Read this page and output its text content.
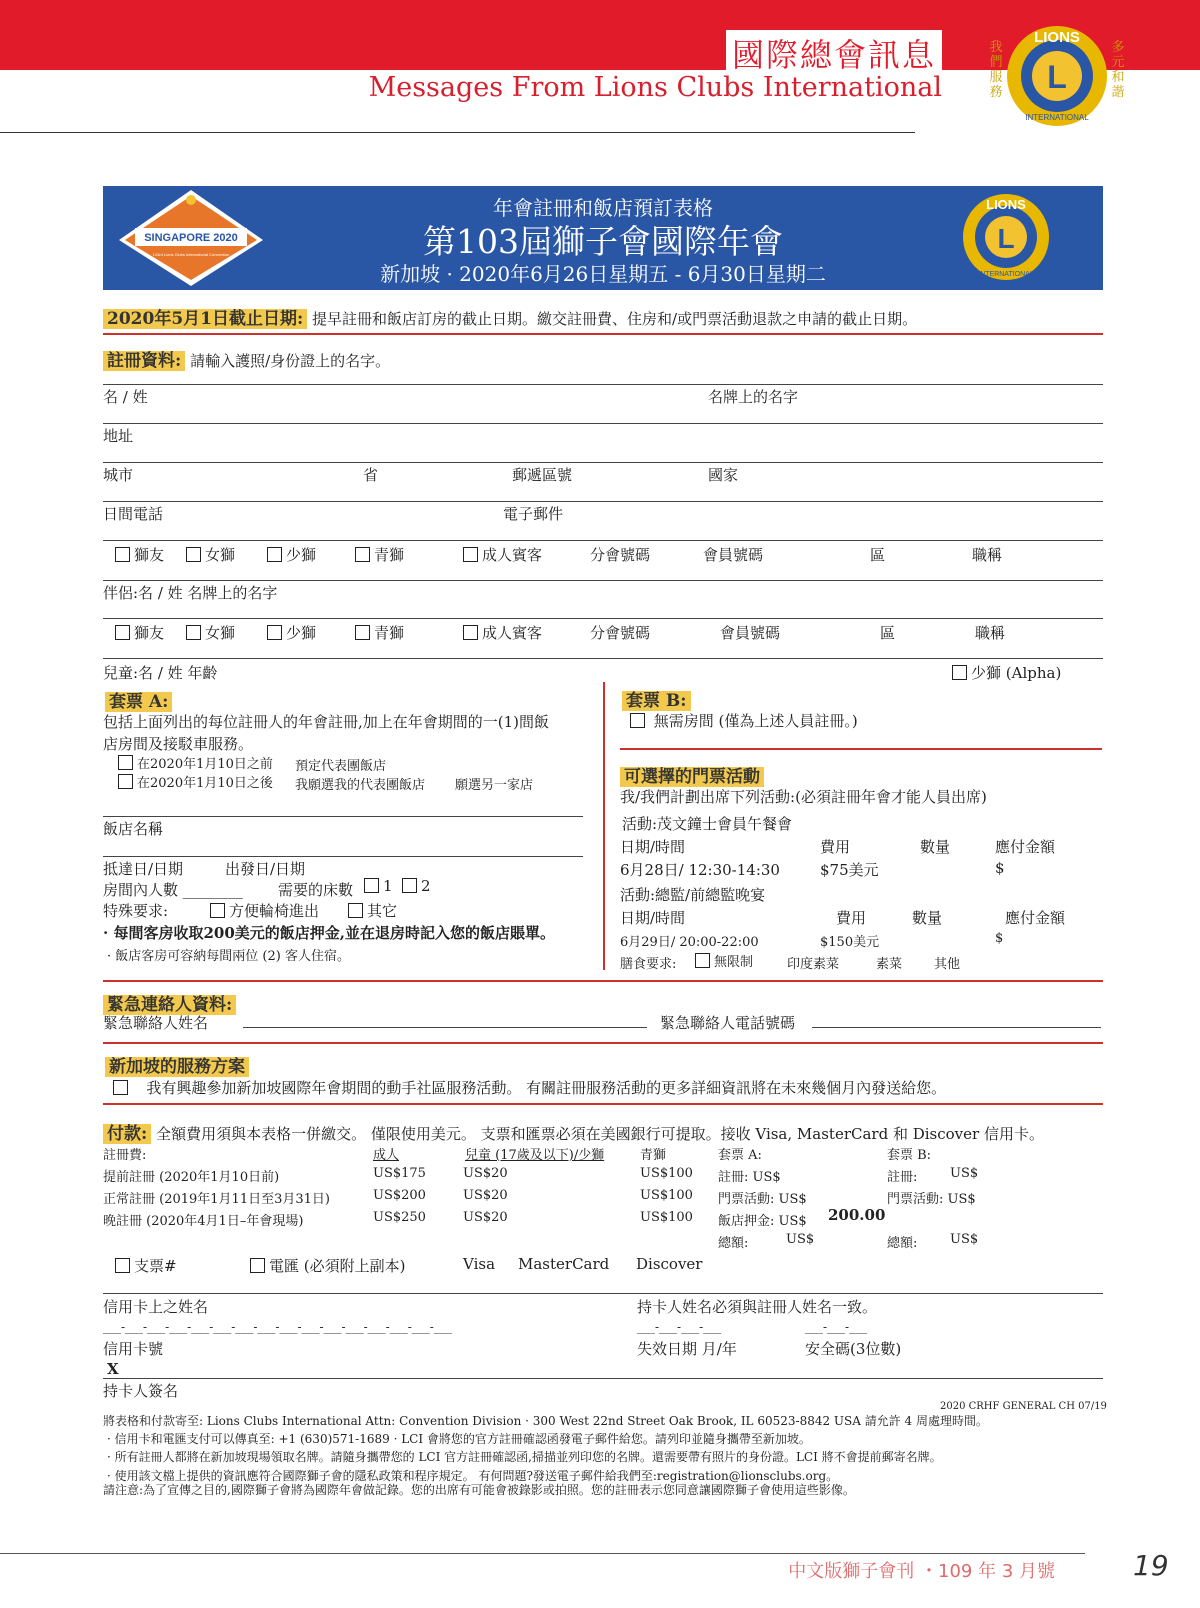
國際總會訊息
Messages From Lions Clubs International
我們服務
多元和諧
L
LIONS
INTERNATIONAL
SINGAPORE 2020
103rd Lions Clubs International Convention
年會註冊和飯店預訂表格
第103屆獅子會國際年會
新加坡 · 2020年6月26日星期五 - 6月30日星期二
L
LIONS
INTERNATIONAL
2020年5月1日截止日期: 提早註冊和飯店訂房的截止日期。繳交註冊費、住房和/或門票活動退款之申請的截止日期。
註冊資料: 請輸入護照/身份證上的名字。
名 / 姓	名牌上的名字
地址
城市	省	郵遞區號	國家
日間電話	電子郵件
獅友	女獅	少獅	青獅	成人賓客	分會號碼	會員號碼	區	職稱
伴侶:名 / 姓 名牌上的名字
獅友	女獅	少獅	青獅	成人賓客	分會號碼	會員號碼	區	職稱
兒童:名 / 姓 年齡	少獅 (Alpha)
套票 A:
包括上面列出的每位註冊人的年會註冊,加上在年會期間的一(1)間飯
店房間及接駁車服務。
在2020年1月10日之前 預定代表團飯店
在2020年1月10日之後 我願選我的代表團飯店 願選另一家店
飯店名稱
抵達日/日期	出發日/日期
房間內人數 ________ 需要的床數	1	2
特殊要求:	方便輪椅進出	其它
· 每間客房收取200美元的飯店押金,並在退房時記入您的飯店賬單。
· 飯店客房可容納每間兩位 (2) 客人住宿。
套票 B:
無需房間 (僅為上述人員註冊。)
可選擇的門票活動
我/我們計劃出席下列活動:(必須註冊年會才能人員出席)
活動:茂文鐘士會員午餐會
日期/時間	費用	數量	應付金額
6月28日/ 12:30-14:30	$75美元	$
活動:總監/前總監晚宴
日期/時間	費用	數量	應付金額
6月29日/ 20:00-22:00	$150美元	$
膳食要求:	無限制	印度素菜	素菜 其他
緊急連絡人資料:
緊急聯絡人姓名	緊急聯絡人電話號碼
新加坡的服務方案
我有興趣參加新加坡國際年會期間的動手社區服務活動。 有關註冊服務活動的更多詳細資訊將在未來幾個月內發送給您。
付款: 全額費用須與本表格一併繳交。 僅限使用美元。 支票和匯票必須在美國銀行可提取。接收 Visa, MasterCard 和 Discover 信用卡。
註冊費:	成人	兒童 (17歲及以下)/少獅	青獅
提前註冊 (2020年1月10日前)	US$175	US$20	US$100
正常註冊 (2019年1月11日至3月31日)	US$200	US$20	US$100
晚註冊 (2020年4月1日–年會現場)	US$250	US$20	US$100
套票 A:
註冊: US$
門票活動: US$
飯店押金: US$ 200.00
總額:	US$
套票 B:
註冊:	US$
門票活動: US$
總額:	US$
支票#	電匯 (必須附上副本)	Visa MasterCard Discover
信用卡上之姓名	持卡人姓名必須與註冊人姓名一致。
___-___-___-___-___-___-___-___-___-___-___-___-___-___-___-___	___-___-___-___	___-___-___
信用卡號	失效日期 月/年	安全碼(3位數)
X
持卡人簽名
2020 CRHF GENERAL CH 07/19
將表格和付款寄至: Lions Clubs International Attn: Convention Division · 300 West 22nd Street Oak Brook, IL 60523-8842 USA 請允許 4 周處理時間。
· 信用卡和電匯支付可以傳真至: +1 (630)571-1689 · LCI 會將您的官方註冊確認函發電子郵件給您。請列印並隨身攜帶至新加坡。
· 所有註冊人都將在新加坡現場領取名牌。請隨身攜帶您的 LCI 官方註冊確認函,掃描並列印您的名牌。還需要帶有照片的身份證。LCI 將不會提前郵寄名牌。
· 使用該文檔上提供的資訊應符合國際獅子會的隱私政策和程序規定。 有何問題?發送電子郵件給我們至:registration@lionsclubs.org。
請注意:為了宣傳之目的,國際獅子會將為國際年會做記錄。您的出席有可能會被錄影或拍照。您的註冊表示您同意讓國際獅子會使用這些影像。
中文版獅子會刊 ・109 年 3 月號	19
